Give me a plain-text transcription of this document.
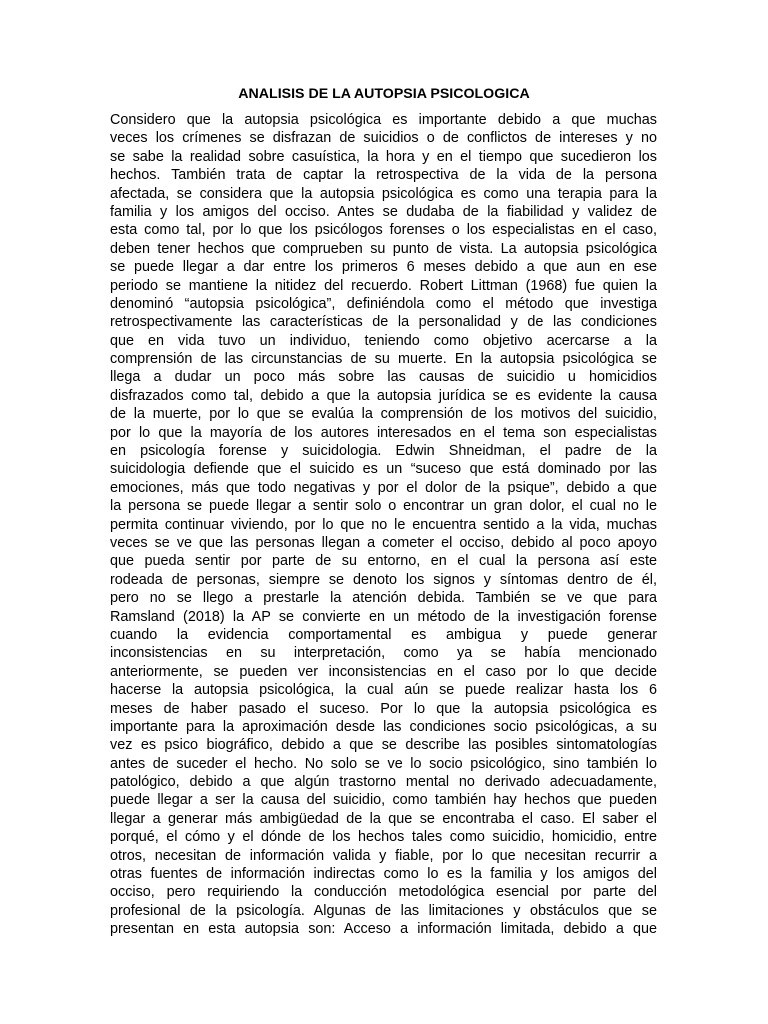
ANALISIS DE LA AUTOPSIA PSICOLOGICA
Considero que la autopsia psicológica es importante debido a que muchas
veces los crímenes se disfrazan de suicidios o de conflictos de intereses y no
se sabe la realidad sobre casuística, la hora y en el tiempo que sucedieron los
hechos. También trata de captar la retrospectiva de la vida de la persona
afectada, se considera que la autopsia psicológica es como una terapia para la
familia y los amigos del occiso. Antes se dudaba de la fiabilidad y validez de
esta como tal, por lo que los psicólogos forenses o los especialistas en el caso,
deben tener hechos que comprueben su punto de vista. La autopsia psicológica
se puede llegar a dar entre los primeros 6 meses debido a que aun en ese
periodo se mantiene la nitidez del recuerdo. Robert Littman (1968) fue quien la
denominó “autopsia psicológica”, definiéndola como el método que investiga
retrospectivamente las características de la personalidad y de las condiciones
que en vida tuvo un individuo, teniendo como objetivo acercarse a la
comprensión de las circunstancias de su muerte. En la autopsia psicológica se
llega a dudar un poco más sobre las causas de suicidio u homicidios
disfrazados como tal, debido a que la autopsia jurídica se es evidente la causa
de la muerte, por lo que se evalúa la comprensión de los motivos del suicidio,
por lo que la mayoría de los autores interesados en el tema son especialistas
en psicología forense y suicidologia. Edwin Shneidman, el padre de la
suicidologia defiende que el suicido es un “suceso que está dominado por las
emociones, más que todo negativas y por el dolor de la psique”, debido a que
la persona se puede llegar a sentir solo o encontrar un gran dolor, el cual no le
permita continuar viviendo, por lo que no le encuentra sentido a la vida, muchas
veces se ve que las personas llegan a cometer el occiso, debido al poco apoyo
que pueda sentir por parte de su entorno, en el cual la persona así este
rodeada de personas, siempre se denoto los signos y síntomas dentro de él,
pero no se llego a prestarle la atención debida. También se ve que para
Ramsland (2018) la AP se convierte en un método de la investigación forense
cuando la evidencia comportamental es ambigua y puede generar
inconsistencias en su interpretación, como ya se había mencionado
anteriormente, se pueden ver inconsistencias en el caso por lo que decide
hacerse la autopsia psicológica, la cual aún se puede realizar hasta los 6
meses de haber pasado el suceso. Por lo que la autopsia psicológica es
importante para la aproximación desde las condiciones socio psicológicas, a su
vez es psico biográfico, debido a que se describe las posibles sintomatologías
antes de suceder el hecho. No solo se ve lo socio psicológico, sino también lo
patológico, debido a que algún trastorno mental no derivado adecuadamente,
puede llegar a ser la causa del suicidio, como también hay hechos que pueden
llegar a generar más ambigüedad de la que se encontraba el caso. El saber el
porqué, el cómo y el dónde de los hechos tales como suicidio, homicidio, entre
otros, necesitan de información valida y fiable, por lo que necesitan recurrir a
otras fuentes de información indirectas como lo es la familia y los amigos del
occiso, pero requiriendo la conducción metodológica esencial por parte del
profesional de la psicología. Algunas de las limitaciones y obstáculos que se
presentan en esta autopsia son: Acceso a información limitada, debido a que
